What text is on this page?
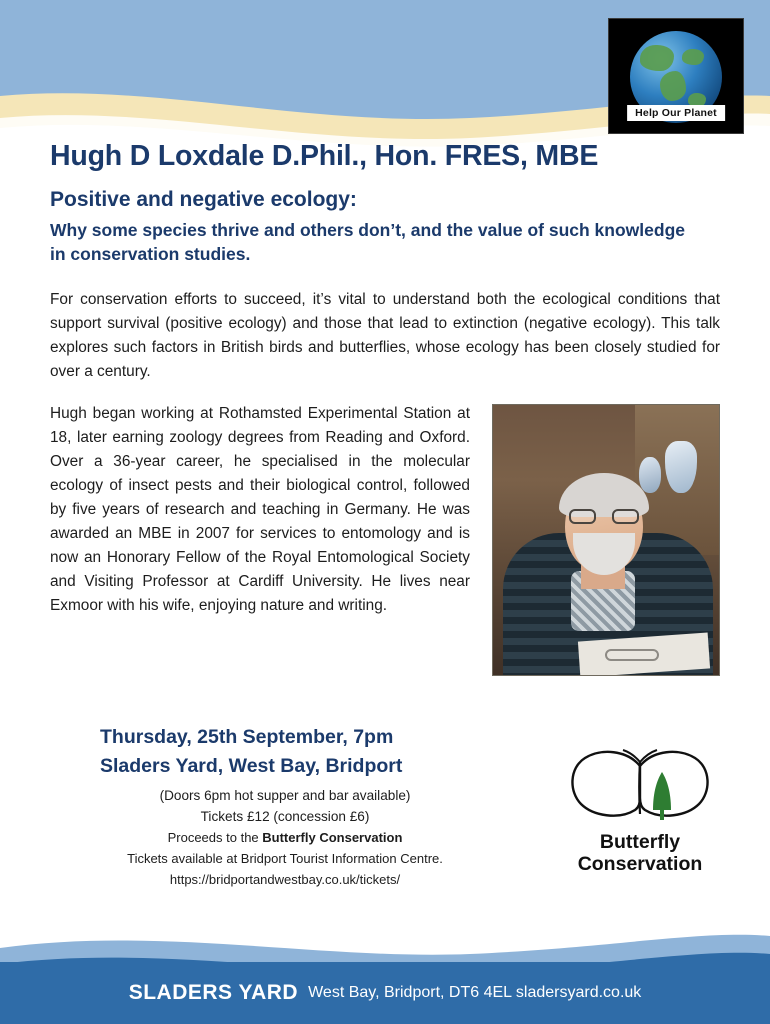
Help Our Planet
Hugh D Loxdale D.Phil., Hon. FRES, MBE
Positive and negative ecology:
Why some species thrive and others don’t, and the value of such knowledge in conservation studies.

For conservation efforts to succeed, it’s vital to understand both the ecological conditions that support survival (positive ecology) and those that lead to extinction (negative ecology). This talk explores such factors in British birds and butterflies, whose ecology has been closely studied for over a century.

Hugh began working at Rothamsted Experimental Station at 18, later earning zoology degrees from Reading and Oxford. Over a 36-year career, he specialised in the molecular ecology of insect pests and their biological control, followed by five years of research and teaching in Germany. He was awarded an MBE in 2007 for services to entomology and is now an Honorary Fellow of the Royal Entomological Society and Visiting Professor at Cardiff University. He lives near Exmoor with his wife, enjoying nature and writing.
Thursday, 25th September, 7pm
Sladers Yard, West Bay, Bridport
(Doors 6pm hot supper and bar available)
Tickets £12 (concession £6)
Proceeds to the Butterfly Conservation
Tickets available at Bridport Tourist Information Centre.
https://bridportandwestbay.co.uk/tickets/
Butterfly
Conservation
SLADERS YARD West Bay, Bridport, DT6 4EL sladersyard.co.uk
